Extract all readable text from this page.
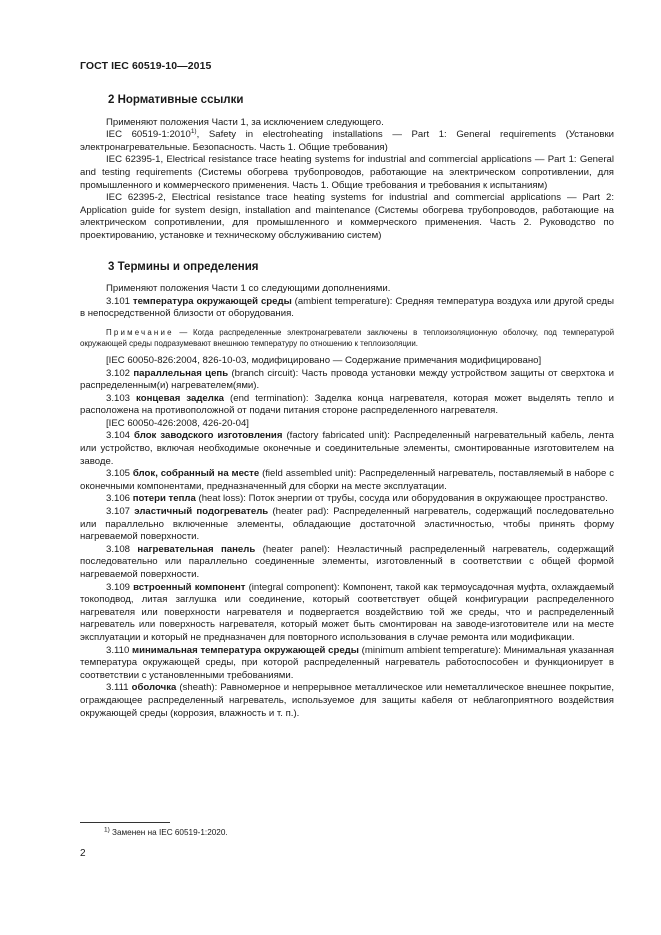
ГОСТ IEC 60519-10—2015

2 Нормативные ссылки

Применяют положения Части 1, за исключением следующего.

IEC 60519-1:2010$^{1)}$, Safety in electroheating installations — Part 1: General requirements (Установки электронагревательные. Безопасность. Часть 1. Общие требования)

IEC 62395-1, Electrical resistance trace heating systems for industrial and commercial applications — Part 1: General and testing requirements (Системы обогрева трубопроводов, работающие на электрическом сопротивлении, для промышленного и коммерческого применения. Часть 1. Общие требования и требования к испытаниям)

IEC 62395-2, Electrical resistance trace heating systems for industrial and commercial applications — Part 2: Application guide for system design, installation and maintenance (Системы обогрева трубопроводов, работающие на электрическом сопротивлении, для промышленного и коммерческого применения. Часть 2. Руководство по проектированию, установке и техническому обслуживанию систем)

3 Термины и определения

Применяют положения Части 1 со следующими дополнениями.

3.101 температура окружающей среды (ambient temperature): Средняя температура воздуха или другой среды в непосредственной близости от оборудования.

Примечание — Когда распределенные электронагреватели заключены в теплоизоляционную оболочку, под температурой окружающей среды подразумевают внешнюю температуру по отношению к теплоизоляции.

[IEC 60050-826:2004, 826-10-03, модифицировано — Содержание примечания модифицировано]

3.102 параллельная цепь (branch circuit): Часть провода установки между устройством защиты от сверхтока и распределенным(и) нагревателем(ями).

3.103 концевая заделка (end termination): Заделка конца нагревателя, которая может выделять тепло и расположена на противоположной от подачи питания стороне распределенного нагревателя.

[IEC 60050-426:2008, 426-20-04]

3.104 блок заводского изготовления (factory fabricated unit): Распределенный нагревательный кабель, лента или устройство, включая необходимые оконечные и соединительные элементы, смонтированные изготовителем на заводе.

3.105 блок, собранный на месте (field assembled unit): Распределенный нагреватель, поставляемый в наборе с оконечными компонентами, предназначенный для сборки на месте эксплуатации.

3.106 потери тепла (heat loss): Поток энергии от трубы, сосуда или оборудования в окружающее пространство.

3.107 эластичный подогреватель (heater pad): Распределенный нагреватель, содержащий последовательно или параллельно включенные элементы, обладающие достаточной эластичностью, чтобы принять форму нагреваемой поверхности.

3.108 нагревательная панель (heater panel): Неэластичный распределенный нагреватель, содержащий последовательно или параллельно соединенные элементы, изготовленный в соответствии с общей формой нагреваемой поверхности.

3.109 встроенный компонент (integral component): Компонент, такой как термоусадочная муфта, охлаждаемый токоподвод, литая заглушка или соединение, который соответствует общей конфигурации распределенного нагревателя или поверхности нагревателя и подвергается воздействию той же среды, что и распределенный нагреватель или поверхность нагревателя, который может быть смонтирован на заводе-изготовителе или на месте эксплуатации и который не предназначен для повторного использования в случае ремонта или модификации.

3.110 минимальная температура окружающей среды (minimum ambient temperature): Минимальная указанная температура окружающей среды, при которой распределенный нагреватель работоспособен и функционирует в соответствии с установленными требованиями.

3.111 оболочка (sheath): Равномерное и непрерывное металлическое или неметаллическое внешнее покрытие, ограждающее распределенный нагреватель, используемое для защиты кабеля от неблагоприятного воздействия окружающей среды (коррозия, влажность и т. п.).

$^{1)}$ Заменен на IEC 60519-1:2020.
2
